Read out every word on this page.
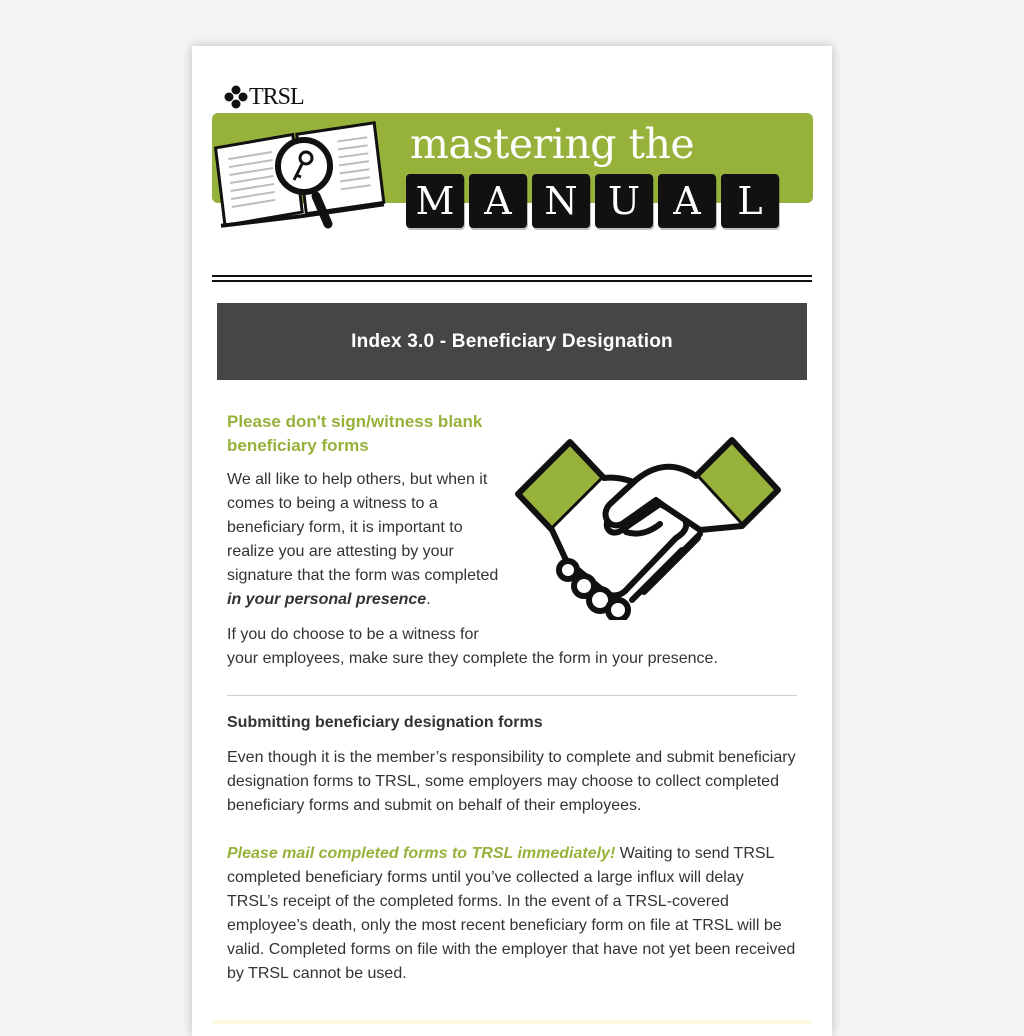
TRSL
mastering the
M A N U A L
Index 3.0 - Beneficiary Designation
Please don't sign/witness blank beneficiary forms

We all like to help others, but when it comes to being a witness to a beneficiary form, it is important to realize you are attesting by your signature that the form was completed in your personal presence.

If you do choose to be a witness for

your employees, make sure they complete the form in your presence.

Submitting beneficiary designation forms

Even though it is the member’s responsibility to complete and submit beneficiary designation forms to TRSL, some employers may choose to collect completed beneficiary forms and submit on behalf of their employees.

Please mail completed forms to TRSL immediately! Waiting to send TRSL completed beneficiary forms until you’ve collected a large influx will delay TRSL’s receipt of the completed forms. In the event of a TRSL-covered employee’s death, only the most recent beneficiary form on file at TRSL will be valid. Completed forms on file with the employer that have not yet been received by TRSL cannot be used.
